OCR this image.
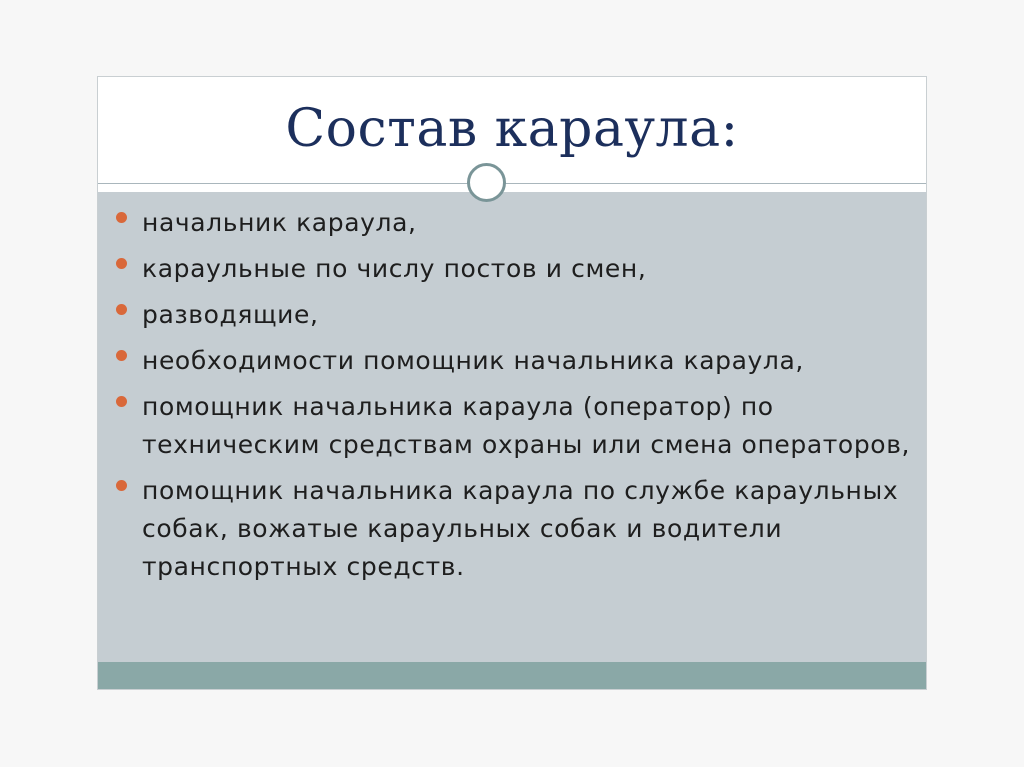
Состав караула:
начальник караула,
караульные по числу постов и смен,
разводящие,
необходимости помощник начальника караула,
помощник начальника караула (оператор) по техническим средствам охраны или смена операторов,
помощник начальника караула по службе караульных собак, вожатые караульных собак и водители транспортных средств.
